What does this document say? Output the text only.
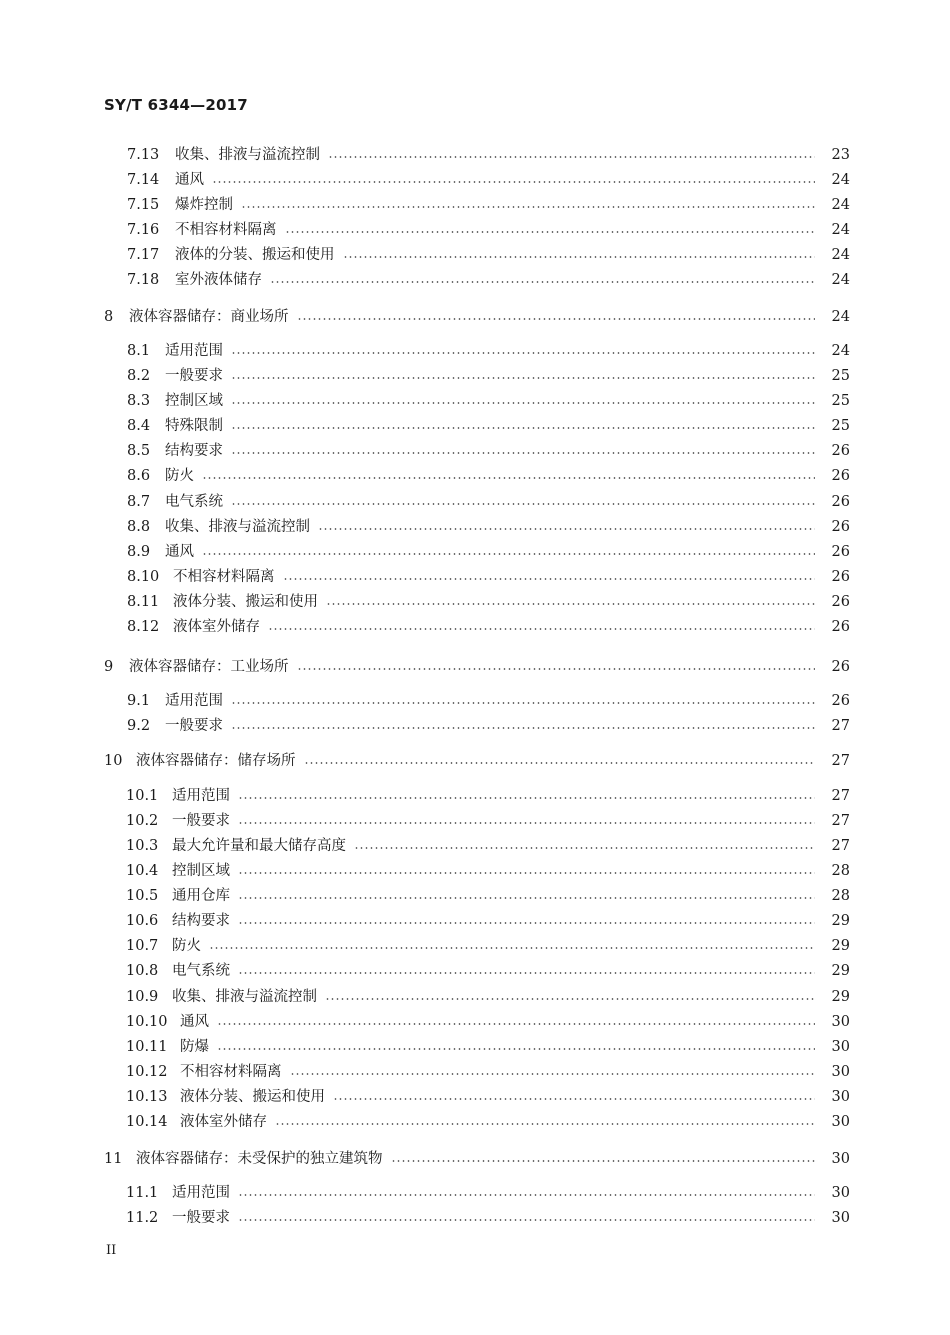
SY/T 6344—2017
7.13 收集、排液与溢流控制	23
7.14 通风	24
7.15 爆炸控制	24
7.16 不相容材料隔离	24
7.17 液体的分装、搬运和使用	24
7.18 室外液体储存	24
8 液体容器储存：商业场所	24
8.1 适用范围	24
8.2 一般要求	25
8.3 控制区域	25
8.4 特殊限制	25
8.5 结构要求	26
8.6 防火	26
8.7 电气系统	26
8.8 收集、排液与溢流控制	26
8.9 通风	26
8.10 不相容材料隔离	26
8.11 液体分装、搬运和使用	26
8.12 液体室外储存	26
9 液体容器储存：工业场所	26
9.1 适用范围	26
9.2 一般要求	27
10 液体容器储存：储存场所	27
10.1 适用范围	27
10.2 一般要求	27
10.3 最大允许量和最大储存高度	27
10.4 控制区域	28
10.5 通用仓库	28
10.6 结构要求	29
10.7 防火	29
10.8 电气系统	29
10.9 收集、排液与溢流控制	29
10.10 通风	30
10.11 防爆	30
10.12 不相容材料隔离	30
10.13 液体分装、搬运和使用	30
10.14 液体室外储存	30
11 液体容器储存：未受保护的独立建筑物	30
11.1 适用范围	30
11.2 一般要求	30
II
